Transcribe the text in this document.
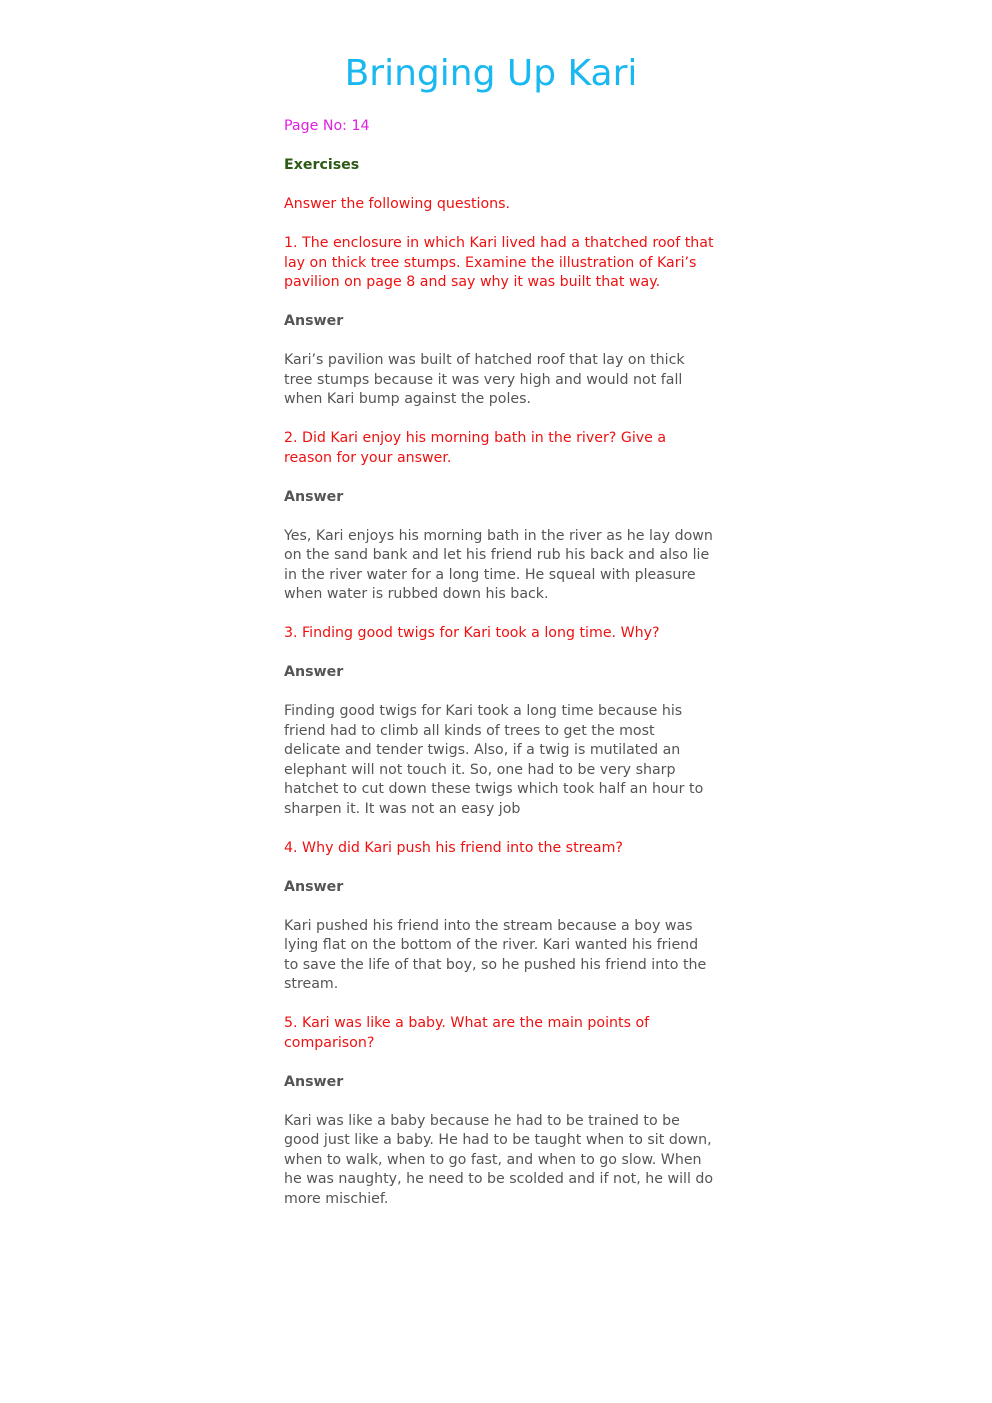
Bringing Up Kari

Page No: 14

Exercises

Answer the following questions.

1. The enclosure in which Kari lived had a thatched roof that lay on thick tree stumps. Examine the illustration of Kari’s pavilion on page 8 and say why it was built that way.

Answer

Kari’s pavilion was built of hatched roof that lay on thick tree stumps because it was very high and would not fall when Kari bump against the poles.

2. Did Kari enjoy his morning bath in the river? Give a reason for your answer.

Answer

Yes, Kari enjoys his morning bath in the river as he lay down on the sand bank and let his friend rub his back and also lie in the river water for a long time. He squeal with pleasure when water is rubbed down his back.

3. Finding good twigs for Kari took a long time. Why?

Answer

Finding good twigs for Kari took a long time because his friend had to climb all kinds of trees to get the most delicate and tender twigs. Also, if a twig is mutilated an elephant will not touch it. So, one had to be very sharp hatchet to cut down these twigs which took half an hour to sharpen it. It was not an easy job

4. Why did Kari push his friend into the stream?

Answer

Kari pushed his friend into the stream because a boy was lying flat on the bottom of the river. Kari wanted his friend to save the life of that boy, so he pushed his friend into the stream.

5. Kari was like a baby. What are the main points of comparison?

Answer

Kari was like a baby because he had to be trained to be good just like a baby. He had to be taught when to sit down, when to walk, when to go fast, and when to go slow. When he was naughty, he need to be scolded and if not, he will do more mischief.
